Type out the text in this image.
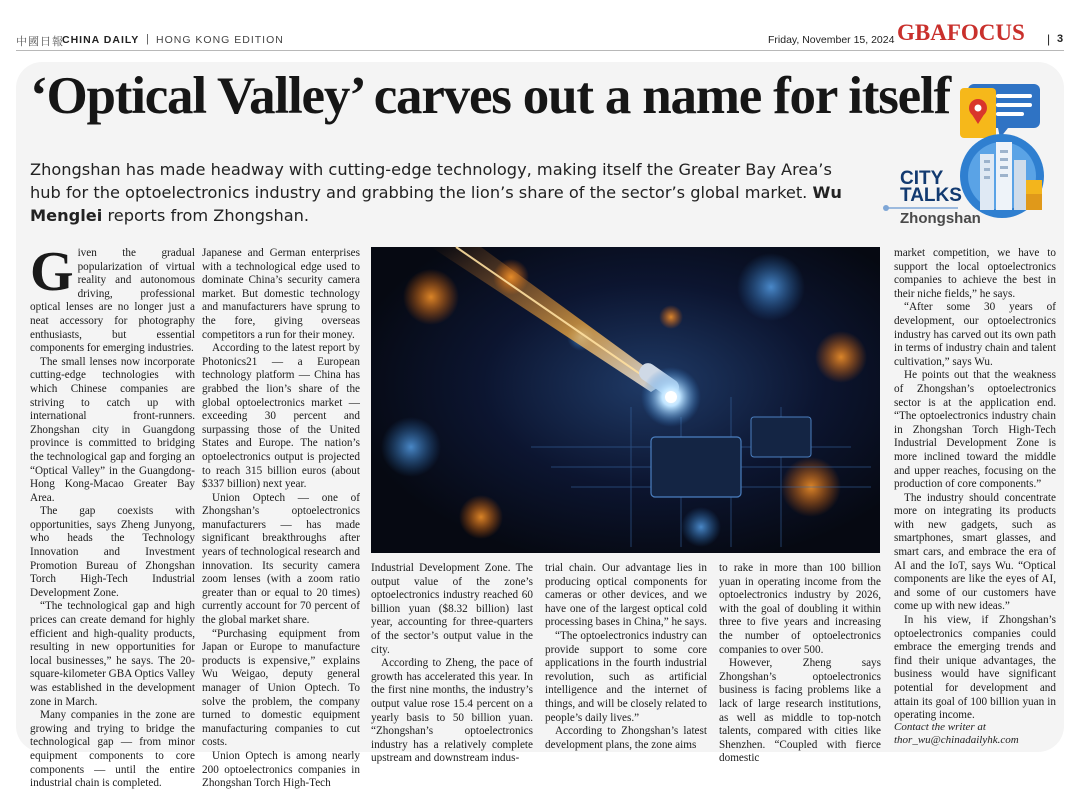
中國日報
CHINA DAILY | HONG KONG EDITION	Friday, November 15, 2024 GBAFOCUS | 3
‘Optical Valley’ carves out a name for itself

Zhongshan has made headway with cutting-edge technology, making itself the Greater Bay Area’s hub for the optoelectronics industry and grabbing the lion’s share of the sector’s global market. Wu Menglei reports from Zhongshan.

CITY
TALKS
Zhongshan

Given the gradual popularization of virtual reality and autonomous driving, professional optical lenses are no longer just a neat accessory for photography enthusiasts, but essential components for emerging industries.

The small lenses now incorporate cutting-edge technologies with which Chinese companies are striving to catch up with international front-runners. Zhongshan city in Guangdong province is committed to bridging the technological gap and forging an “Optical Valley” in the Guangdong-Hong Kong-Macao Greater Bay Area.

The gap coexists with opportunities, says Zheng Junyong, who heads the Technology Innovation and Investment Promotion Bureau of Zhongshan Torch High-Tech Industrial Development Zone.

“The technological gap and high prices can create demand for highly efficient and high-quality products, resulting in new opportunities for local businesses,” he says. The 20-square-kilometer GBA Optics Valley was established in the development zone in March.

Many companies in the zone are growing and trying to bridge the technological gap — from minor equipment components to core components — until the entire industrial chain is completed.

Japanese and German enterprises with a technological edge used to dominate China’s security camera market. But domestic technology and manufacturers have sprung to the fore, giving overseas competitors a run for their money.

According to the latest report by Photonics21 — a European technology platform — China has grabbed the lion’s share of the global optoelectronics market — exceeding 30 percent and surpassing those of the United States and Europe. The nation’s optoelectronics output is projected to reach 315 billion euros (about $337 billion) next year.

Union Optech — one of Zhongshan’s optoelectronics manufacturers — has made significant breakthroughs after years of technological research and innovation. Its security camera zoom lenses (with a zoom ratio greater than or equal to 20 times) currently account for 70 percent of the global market share.

“Purchasing equipment from Japan or Europe to manufacture products is expensive,” explains Wu Weigao, deputy general manager of Union Optech. To solve the problem, the company turned to domestic equipment manufacturing companies to cut costs.

Union Optech is among nearly 200 optoelectronics companies in Zhongshan Torch High-Tech

Industrial Development Zone. The output value of the zone’s optoelectronics industry reached 60 billion yuan ($8.32 billion) last year, accounting for three-quarters of the sector’s output value in the city.

According to Zheng, the pace of growth has accelerated this year. In the first nine months, the industry’s output value rose 15.4 percent on a yearly basis to 50 billion yuan. “Zhongshan’s optoelectronics industry has a relatively complete upstream and downstream indus-

trial chain. Our advantage lies in producing optical components for cameras or other devices, and we have one of the largest optical cold processing bases in China,” he says.

“The optoelectronics industry can provide support to some core applications in the fourth industrial revolution, such as artificial intelligence and the internet of things, and will be closely related to people’s daily lives.”

According to Zhongshan’s latest development plans, the zone aims

to rake in more than 100 billion yuan in operating income from the optoelectronics industry by 2026, with the goal of doubling it within three to five years and increasing the number of optoelectronics companies to over 500.

However, Zheng says Zhongshan’s optoelectronics business is facing problems like a lack of large research institutions, as well as middle to top-notch talents, compared with cities like Shenzhen. “Coupled with fierce domestic

market competition, we have to support the local optoelectronics companies to achieve the best in their niche fields,” he says.

“After some 30 years of development, our optoelectronics industry has carved out its own path in terms of industry chain and talent cultivation,” says Wu.

He points out that the weakness of Zhongshan’s optoelectronics sector is at the application end. “The optoelectronics industry chain in Zhongshan Torch High-Tech Industrial Development Zone is more inclined toward the middle and upper reaches, focusing on the production of core components.”

The industry should concentrate more on integrating its products with new gadgets, such as smartphones, smart glasses, and smart cars, and embrace the era of AI and the IoT, says Wu. “Optical components are like the eyes of AI, and some of our customers have come up with new ideas.”

In his view, if Zhongshan’s optoelectronics companies could embrace the emerging trends and find their unique advantages, the business would have significant potential for development and attain its goal of 100 billion yuan in operating income.

Contact the writer at
thor_wu@chinadailyhk.com
